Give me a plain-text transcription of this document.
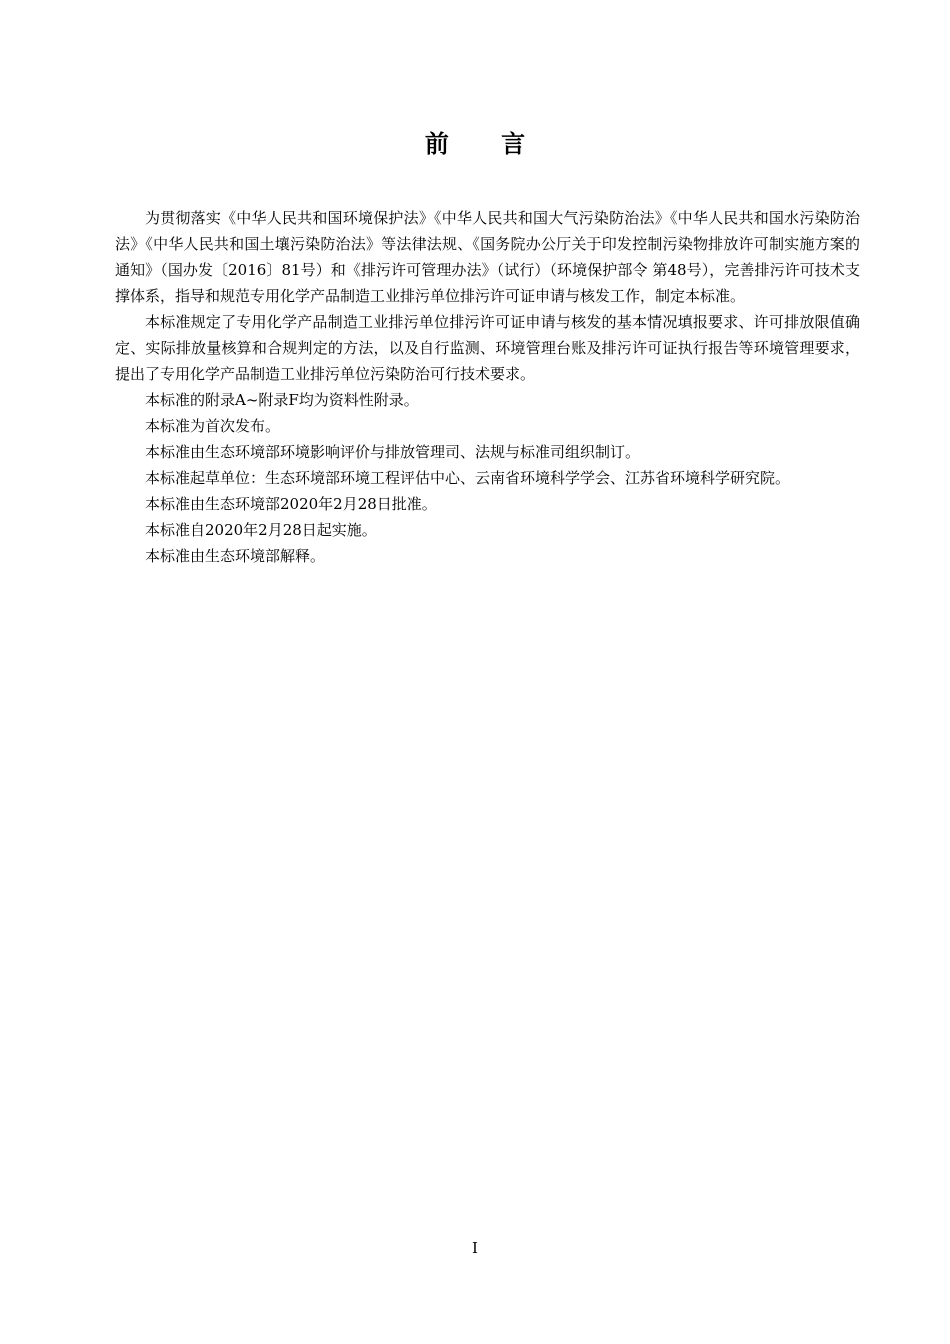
前 言

为贯彻落实《中华人民共和国环境保护法》《中华人民共和国大气污染防治法》《中华人民共和国水污染防治法》《中华人民共和国土壤污染防治法》等法律法规、《国务院办公厅关于印发控制污染物排放许可制实施方案的通知》（国办发〔2016〕81号）和《排污许可管理办法》（试行）（环境保护部令 第48号），完善排污许可技术支撑体系，指导和规范专用化学产品制造工业排污单位排污许可证申请与核发工作，制定本标准。

本标准规定了专用化学产品制造工业排污单位排污许可证申请与核发的基本情况填报要求、许可排放限值确定、实际排放量核算和合规判定的方法，以及自行监测、环境管理台账及排污许可证执行报告等环境管理要求，提出了专用化学产品制造工业排污单位污染防治可行技术要求。

本标准的附录A~附录F均为资料性附录。

本标准为首次发布。

本标准由生态环境部环境影响评价与排放管理司、法规与标准司组织制订。

本标准起草单位：生态环境部环境工程评估中心、云南省环境科学学会、江苏省环境科学研究院。

本标准由生态环境部2020年2月28日批准。

本标准自2020年2月28日起实施。

本标准由生态环境部解释。

I
